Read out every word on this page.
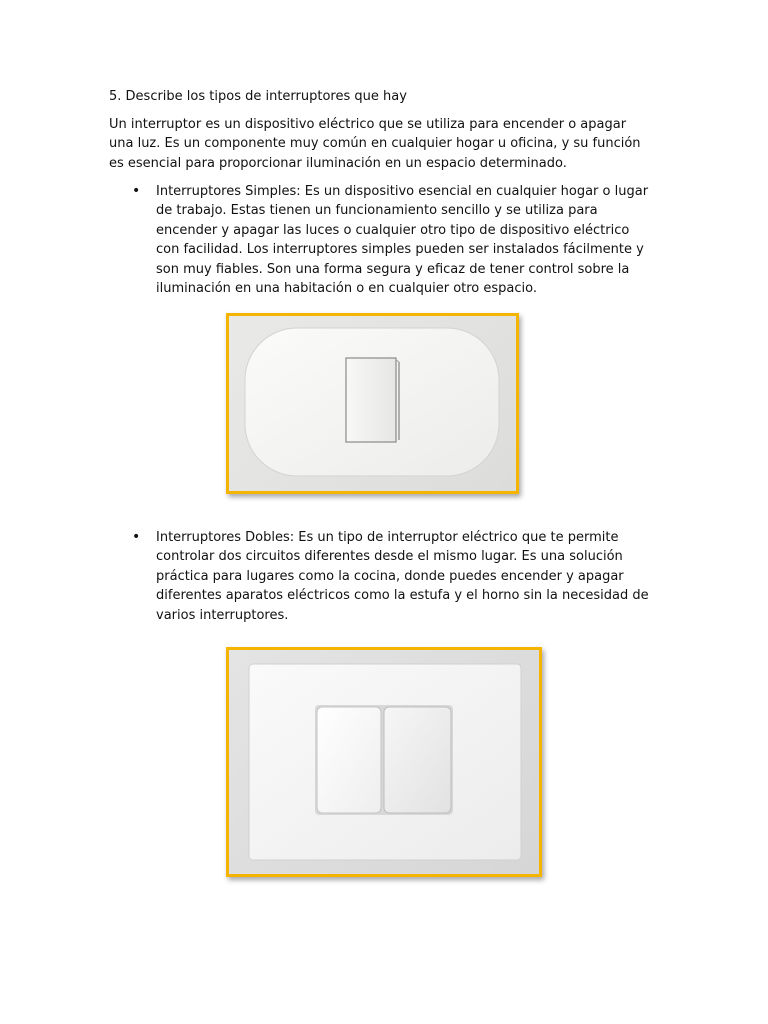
5. Describe los tipos de interruptores que hay

Un interruptor es un dispositivo eléctrico que se utiliza para encender o apagar una luz. Es un componente muy común en cualquier hogar u oficina, y su función es esencial para proporcionar iluminación en un espacio determinado.

• Interruptores Simples: Es un dispositivo esencial en cualquier hogar o lugar de trabajo. Estas tienen un funcionamiento sencillo y se utiliza para encender y apagar las luces o cualquier otro tipo de dispositivo eléctrico con facilidad. Los interruptores simples pueden ser instalados fácilmente y son muy fiables. Son una forma segura y eficaz de tener control sobre la iluminación en una habitación o en cualquier otro espacio.

• Interruptores Dobles: Es un tipo de interruptor eléctrico que te permite controlar dos circuitos diferentes desde el mismo lugar. Es una solución práctica para lugares como la cocina, donde puedes encender y apagar diferentes aparatos eléctricos como la estufa y el horno sin la necesidad de varios interruptores.
